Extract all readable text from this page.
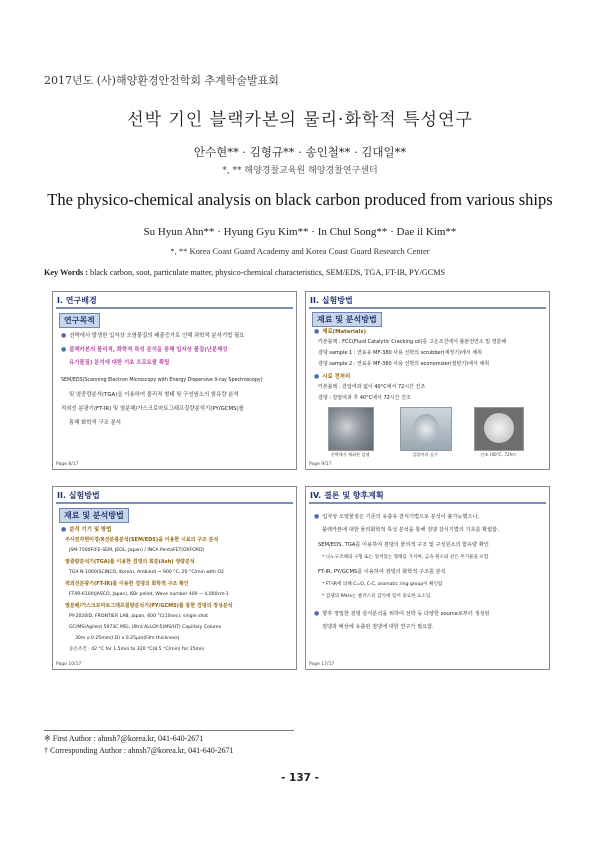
2017년도 (사)해양환경안전학회 추계학술발표회
선박 기인 블랙카본의 물리·화학적 특성연구
안수현** · 김형규** · 송인철** · 김대일**
*, ** 해양경찰교육원 해양경찰연구센터
The physico-chemical analysis on black carbon produced from various ships
Su Hyun Ahn** · Hyung Gyu Kim** · In Chul Song** · Dae il Kim**
*, ** Korea Coast Guard Academy and Korea Coast Guard Research Center
Key Words : black carbon, soot, particulate matter, physico-chemical characteristics, SEM/EDS, TGA, FT-IR, PY/GCMS
I. 연구배경
연구목적
● 선박에서 발생한 입자상 오염물질의 배출증가로 인해 과학적 분석기법 필요
● 블랙카본의 물리적, 화학적 특성 분석을 통해 입자상 물질(난분해성
유기물질) 분석에 대한 기초 프로토콜 확립
SEM/EDS(Scanning Electron Microscopy with Energy Dispersive X-ray Spectroscopy)
및 열중량분석(TGA)을 이용하여 물리적 형태 및 구성원소의 함유량 분석
적외선 분광기(FT-IR) 및 열분해/가스크로마토그래프질량분석기(PY/GCMS)를
통해 화학적 구조 분석
Page 8/17
II. 실험방법
재료 및 분석방법
● 재료(Materials)
카본블랙 : FCC(Fluid Catalytic Cracking oil)를 고온조건에서 불완전연소 및 열분해
검댕 sample 1 : 연료유 MF-380 사용 선박의 scrubber(세정기)에서 채취
검댕 sample 2 : 연료유 MF-380 사용 선박의 economizer(절탄기)에서 채취
● 시료 전처리
카본블랙 : 감압여과 없이 40°C에서 72시간 건조
검댕 : 감압여과 후 40°C에서 72시간 건조
선박에서 채취한 검댕	감압여과 실시	건조 (40°C, 72hr)
Page 9/17
II. 실험방법
재료 및 분석방법
● 분석 기기 및 방법
주사전자현미경/X선분광분석(SEM/EDS)을 이용한 시료의 구조 분석
JSM-7500F(FE-SEM, JEOL, Japan) / INCA PentaFET(OXFORD)
열중량분석기(TGA)를 이용한 검댕의 회분(Ash) 정량분석
TGA N-1000(SCINCO, Korea), Ambient ~ 900 °C, 20 °C/min with O2
적외선분광기(FT-IR)를 이용한 검댕의 화학적 구조 확인
FT/IR-6100(JASCO, Japan), KBr pellet, Wave number 400 ~ 4,000cm-1
열분해/가스크로마토그래프질량분석기(PY/GCMS)를 통한 검댕의 정성분석
PY-2020iD, FRONTIER LAB, Japan, 600 °C(10sec), single shot
GC/MS(Agilent 5973C MS), Ultra ALLOY-5(MS/HT) Capillary Column
30m x 0.25mm(I.D) x 0.25μm(Film thickness)
승온조건 : 42 °C for 1.5min to 320 °C(8.5 °C/min) for 25min
Page 10/17
IV. 결론 및 향후계획
● 입자상 오염물질은 기존의 유출유 감식기법으로 분석이 불가능했으나,
블랙카본에 대한 물리화학적 특성 분석을 통해 검댕 감식기법의 기초를 확립함.
SEM/EDS, TGA를 이용하여 검댕의 물리적 구조 및 구성원소의 함유량 확인
* 나노구조체의 구형 또는 엉켜있는 형태를 가지며, 금속 원소와 같은 무기물을 포함
FT-IR, PY/GCMS를 이용하여 검댕의 화학적 구조를 분석
* FT-IR에 의해 C=O, C-C, aromatic ring group이 확인됨
* 검댕의 PAHs는 클러스터 감식에 있어 중요한 요소임.
● 향후 정밀한 검댕 감식분석을 위하여 선박 등 다양한 source로부터 생성된
검댕과 해상에 유출된 검댕에 대한 연구가 필요함.
Page 17/17
※ First Author : ahnsh7@korea.kr, 041-640-2671
† Corresponding Author : ahnsh7@korea.kr, 041-640-2671
- 137 -
